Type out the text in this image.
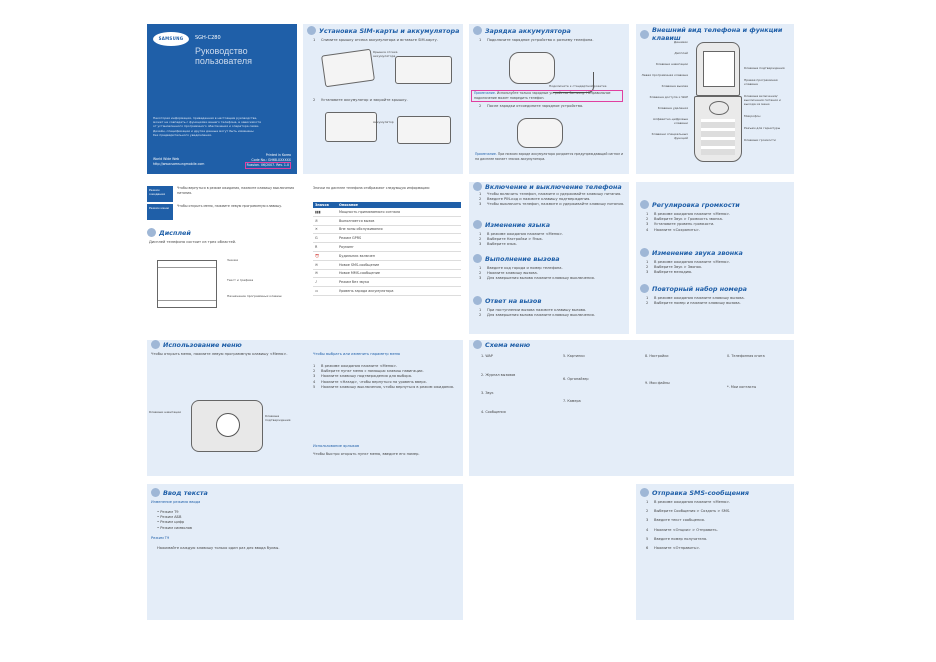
SAMSUNG	SGH-C280
Руководство
пользователя
Некоторая информация, приведенная в настоящем руководстве,
может не совпадать с функциями вашего телефона, в зависимости
от установленного программного обеспечения и оператора связи.
Дизайн, спецификации и другие данные могут быть изменены
без предварительного уведомления.
World Wide Web
http://www.samsungmobile.com
Printed in Korea
Code No.: GH68-XXXXXX
Russian. 06/2007. Rev. 1.0
Установка SIM-карты и аккумулятора
1	Снимите крышку отсека аккумулятора и вставьте SIM-карту.
Крышка отсека аккумулятора
2	Установите аккумулятор и закройте крышку.
Аккумулятор
Зарядка аккумулятора
1	Подключите зарядное устройство к разъему телефона.
Подключите к стандартной розетке
Примечание. Используйте только зарядные устройства Samsung. Неправильное подключение может повредить телефон.
2	После зарядки отсоедините зарядное устройство.
Примечание. При низком заряде аккумулятора раздается предупреждающий сигнал и на дисплее мигает значок аккумулятора.
Внешний вид телефона и функции клавиш
Динамик
Дисплей
Клавиши навигации
Левая программная клавиша
Клавиша вызова
Клавиша доступа к WAP
Клавиша удаления
Алфавитно-цифровые клавиши
Клавиши специальных функций
Клавиша подтверждения
Правая программная клавиша
Клавиша включения/выключения питания и выхода из меню
Микрофон
Разъем для гарнитуры
Клавиши громкости
Режим ожидания
Чтобы вернуться в режим ожидания, нажмите клавишу выключения питания.
Режим меню	Чтобы открыть меню, нажмите левую программную клавишу.
Дисплей
Дисплей телефона состоит из трех областей.
Значки
Текст и графика
Назначение программных клавиш
Значки на дисплее телефона отображают следующую информацию:
Значок	Описание
▮▮▮	Мощность принимаемого сигнала
✆	Выполняется вызов
✕	Вне зоны обслуживания
G	Режим GPRS
R	Роуминг
⏰	Будильник включен
✉	Новое SMS-сообщение
✉	Новое MMS-сообщение
♪	Режим без звука
▭	Уровень заряда аккумулятора
Включение и выключение телефона
1	Чтобы включить телефон, нажмите и удерживайте клавишу питания.
2	Введите PIN-код и нажмите клавишу подтверждения.
3	Чтобы выключить телефон, нажмите и удерживайте клавишу питания.
Изменение языка
1	В режиме ожидания нажмите <Меню>.
2	Выберите Настройки > Язык.
3	Выберите язык.
Выполнение вызова
1	Введите код города и номер телефона.
2	Нажмите клавишу вызова.
3	Для завершения вызова нажмите клавишу выключения.
Ответ на вызов
1	При поступлении вызова нажмите клавишу вызова.
2	Для завершения вызова нажмите клавишу выключения.
Регулировка громкости
1	В режиме ожидания нажмите <Меню>.
2	Выберите Звук > Громкость звонка.
3	Установите уровень громкости.
4	Нажмите <Сохранить>.
Изменение звука звонка
1	В режиме ожидания нажмите <Меню>.
2	Выберите Звук > Звонок.
3	Выберите мелодию.
Повторный набор номера
1	В режиме ожидания нажмите клавишу вызова.
2	Выберите номер и нажмите клавишу вызова.
Использование меню
Чтобы открыть меню, нажмите левую программную клавишу <Меню>.
Клавиши навигации
Клавиша подтверждения
Чтобы выбрать или изменить параметр меню
1	В режиме ожидания нажмите <Меню>.
2	Выберите пункт меню с помощью клавиш навигации.
3	Нажмите клавишу подтверждения для выбора.
4	Нажмите <Назад>, чтобы вернуться на уровень вверх.
5	Нажмите клавишу выключения, чтобы вернуться в режим ожидания.
Использование ярлыков
Чтобы быстро открыть пункт меню, введите его номер.
Схема меню
1. WAP
2. Журнал вызовов
3. Звук
4. Сообщения
5. Картинки
6. Органайзер
7. Камера
8. Настройки
9. Мои файлы
0. Телефонная книга
*. Мои контакты
Ввод текста
Изменение режима ввода
• Режим T9
• Режим АБВ
• Режим цифр
• Режим символов
Режим T9
Нажимайте каждую клавишу только один раз для ввода буквы.
Отправка SMS-сообщения
1	В режиме ожидания нажмите <Меню>.
2	Выберите Сообщения > Создать > SMS.
3	Введите текст сообщения.
4	Нажмите <Опции> > Отправить.
5	Введите номер получателя.
6	Нажмите <Отправить>.
